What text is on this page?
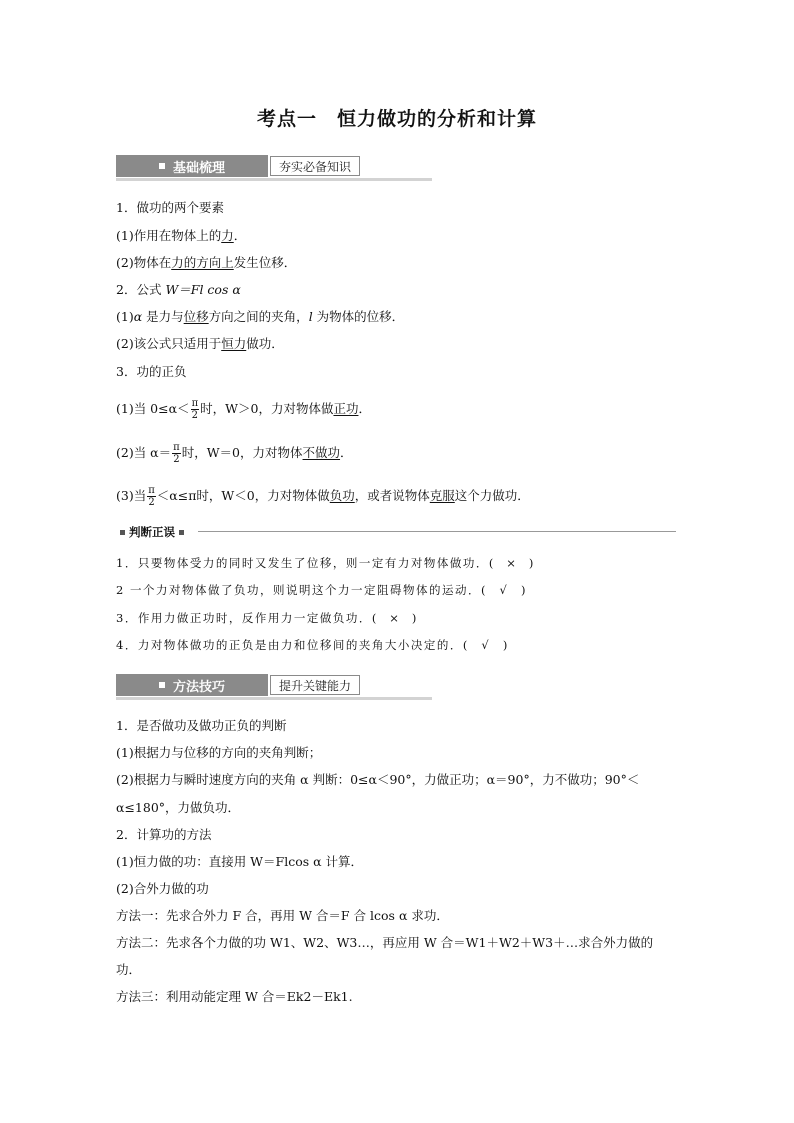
考点一　恒力做功的分析和计算
基础梳理	夯实必备知识
1．做功的两个要素
(1)作用在物体上的力．
(2)物体在力的方向上发生位移．
2．公式 W＝Fl cos α
(1)α 是力与位移方向之间的夹角，l 为物体的位移．
(2)该公式只适用于恒力做功．
3．功的正负
(1)当 $0\le\alpha< \frac{\pi}{2}$ 时，W＞0，力对物体做正功．
(2)当 $\alpha= \frac{\pi}{2}$ 时，W＝0，力对物体不做功．
(3)当 $\frac{\pi}{2} <\alpha\le\pi$时，W＜0，力对物体做负功，或者说物体克服这个力做功．
判断正误
1．只要物体受力的同时又发生了位移，则一定有力对物体做功．( × )
2 一个力对物体做了负功，则说明这个力一定阻碍物体的运动．( √ )
3．作用力做正功时，反作用力一定做负功．( × )
4．力对物体做功的正负是由力和位移间的夹角大小决定的．( √ )
方法技巧	提升关键能力
1．是否做功及做功正负的判断
(1)根据力与位移的方向的夹角判断；
(2)根据力与瞬时速度方向的夹角 α 判断：0≤α＜90°，力做正功；α＝90°，力不做功；90°＜
α≤180°，力做负功．
2．计算功的方法
(1)恒力做的功：直接用 W＝Flcos α 计算．
(2)合外力做的功
方法一：先求合外力 F 合，再用 W 合＝F 合 lcos α 求功．
方法二：先求各个力做的功 W1、W2、W3…，再应用 W 合＝W1＋W2＋W3＋…求合外力做的
功．
方法三：利用动能定理 W 合＝Ek2－Ek1.
